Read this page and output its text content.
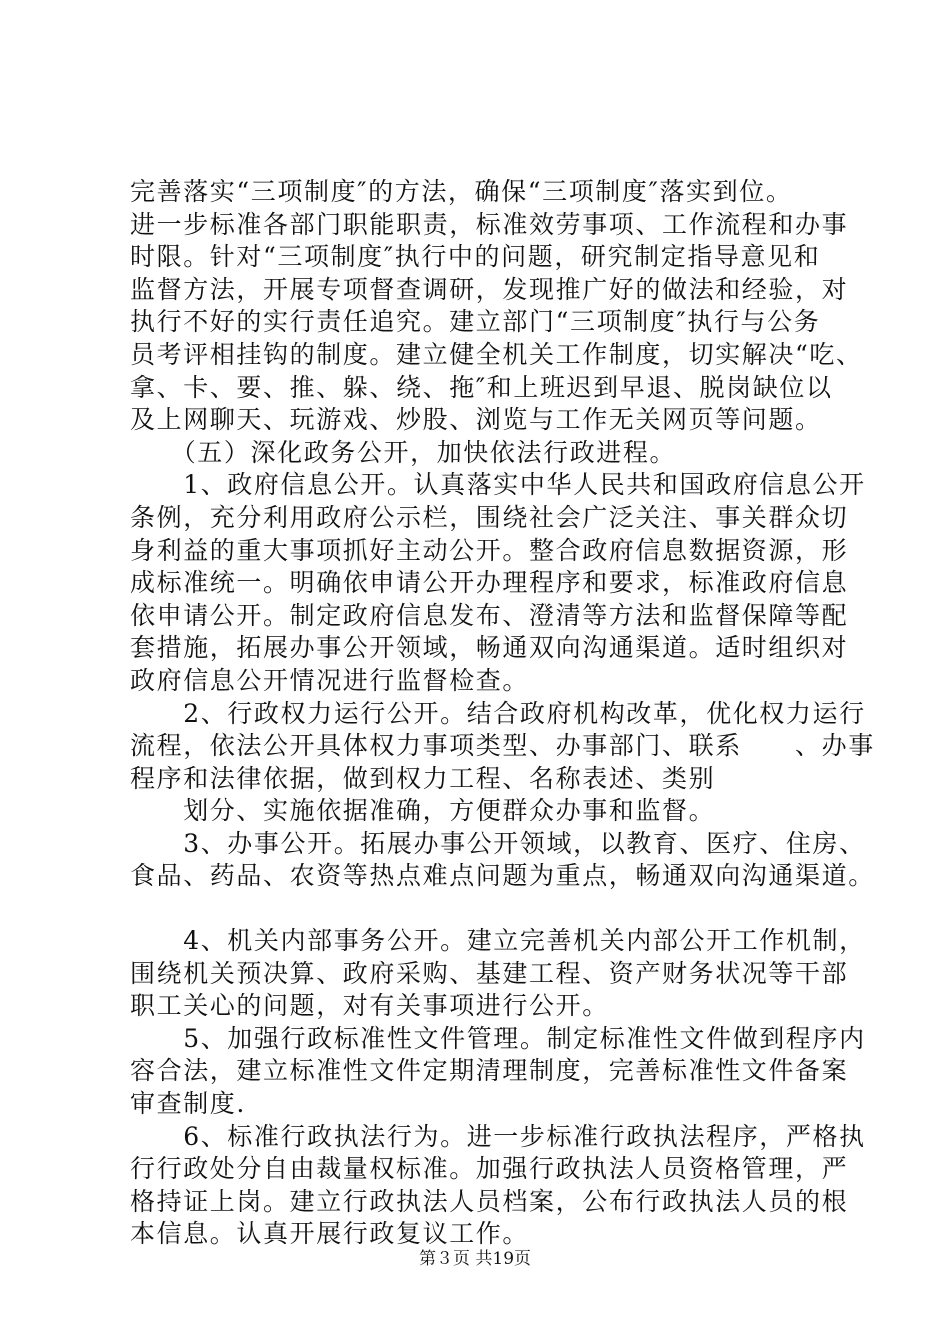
完善落实“三项制度″的方法，确保“三项制度″落实到位。
进一步标准各部门职能职责，标准效劳事项、工作流程和办事
时限。针对“三项制度″执行中的问题，研究制定指导意见和
监督方法，开展专项督查调研，发现推广好的做法和经验，对
执行不好的实行责任追究。建立部门“三项制度″执行与公务
员考评相挂钩的制度。建立健全机关工作制度，切实解决“吃、
拿、卡、要、推、躲、绕、拖″和上班迟到早退、脱岗缺位以
及上网聊天、玩游戏、炒股、浏览与工作无关网页等问题。
　　（五）深化政务公开，加快依法行政进程。
　　1、政府信息公开。认真落实中华人民共和国政府信息公开
条例，充分利用政府公示栏，围绕社会广泛关注、事关群众切
身利益的重大事项抓好主动公开。整合政府信息数据资源，形
成标准统一。明确依申请公开办理程序和要求，标准政府信息
依申请公开。制定政府信息发布、澄清等方法和监督保障等配
套措施，拓展办事公开领域，畅通双向沟通渠道。适时组织对
政府信息公开情况进行监督检查。
　　2、行政权力运行公开。结合政府机构改革，优化权力运行
流程，依法公开具体权力事项类型、办事部门、联系　　、办事
程序和法律依据，做到权力工程、名称表述、类别
　　划分、实施依据准确，方便群众办事和监督。
　　3、办事公开。拓展办事公开领域，以教育、医疗、住房、
食品、药品、农资等热点难点问题为重点，畅通双向沟通渠道。
　　4、机关内部事务公开。建立完善机关内部公开工作机制，
围绕机关预决算、政府采购、基建工程、资产财务状况等干部
职工关心的问题，对有关事项进行公开。
　　5、加强行政标准性文件管理。制定标准性文件做到程序内
容合法，建立标准性文件定期清理制度，完善标准性文件备案
审查制度.
　　6、标准行政执法行为。进一步标准行政执法程序，严格执
行行政处分自由裁量权标准。加强行政执法人员资格管理，严
格持证上岗。建立行政执法人员档案，公布行政执法人员的根
本信息。认真开展行政复议工作。
第３页 共19页
